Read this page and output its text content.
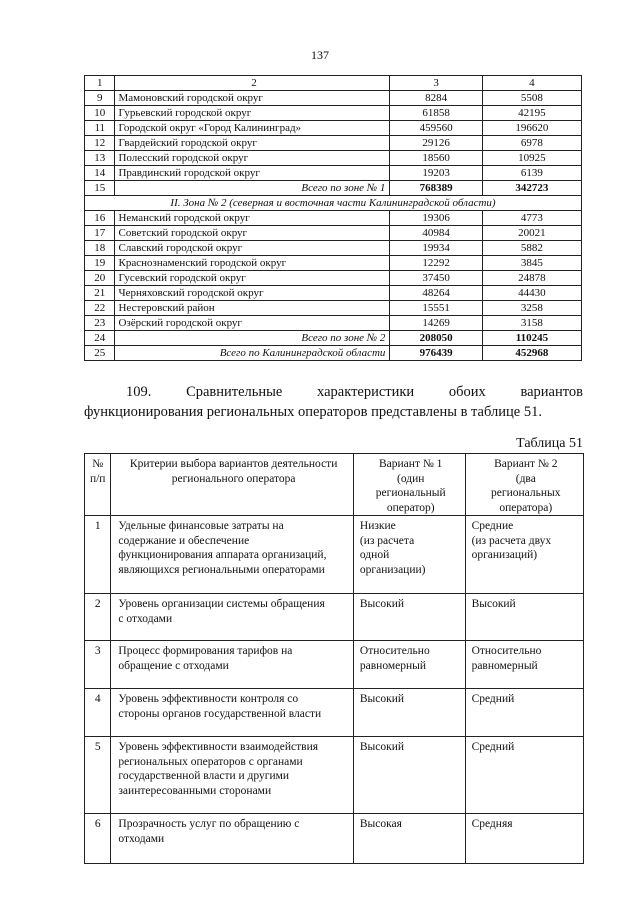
137
1	2	3	4
9	Мамоновский городской округ	8284	5508
10	Гурьевский городской округ	61858	42195
11	Городской округ «Город Калининград»	459560	196620
12	Гвардейский городской округ	29126	6978
13	Полесский городской округ	18560	10925
14	Правдинский городской округ	19203	6139
15	Всего по зоне № 1	768389	342723
II. Зона № 2 (северная и восточная части Калининградской области)			
16	Неманский городской округ	19306	4773
17	Советский городской округ	40984	20021
18	Славский городской округ	19934	5882
19	Краснознаменский городской округ	12292	3845
20	Гусевский городской округ	37450	24878
21	Черняховский городской округ	48264	44430
22	Нестеровский район	15551	3258
23	Озёрский городской округ	14269	3158
24	Всего по зоне № 2	208050	110245
25	Всего по Калининградской области	976439	452968
109. Сравнительные характеристики обоих вариантов
функционирования региональных операторов представлены в таблице 51.
Таблица 51
№
п/п	Критерии выбора вариантов деятельности
регионального оператора	Вариант № 1
(один
региональный
оператор)	Вариант № 2
(два
региональных
оператора)
1	Удельные финансовые затраты на
содержание и обеспечение
функционирования аппарата организаций,
являющихся региональными операторами	Низкие
(из расчета
одной
организации)	Средние
(из расчета двух
организаций)
2	Уровень организации системы обращения
с отходами	Высокий	Высокий
3	Процесс формирования тарифов на
обращение с отходами	Относительно
равномерный	Относительно
равномерный
4	Уровень эффективности контроля со
стороны органов государственной власти	Высокий	Средний
5	Уровень эффективности взаимодействия
региональных операторов с органами
государственной власти и другими
заинтересованными сторонами	Высокий	Средний
6	Прозрачность услуг по обращению с
отходами	Высокая	Средняя
